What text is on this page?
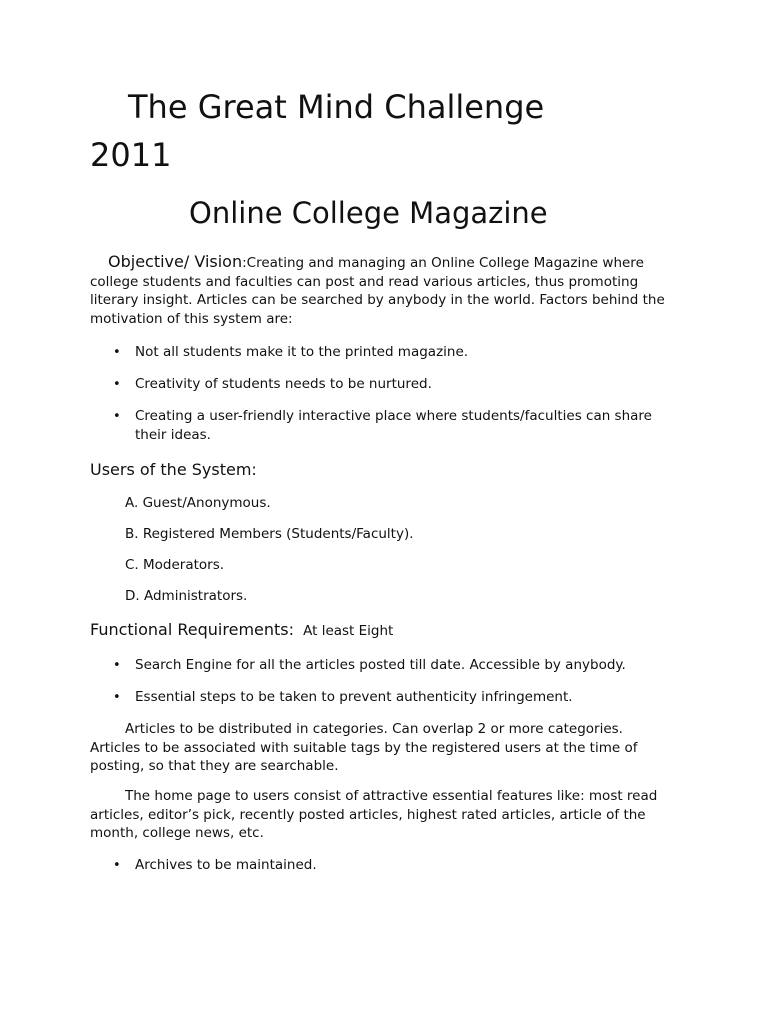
The Great Mind Challenge
2011
Online College Magazine

Objective/ Vision:Creating and managing an Online College Magazine where college students and faculties can post and read various articles, thus promoting literary insight. Articles can be searched by anybody in the world. Factors behind the motivation of this system are:

• Not all students make it to the printed magazine.
• Creativity of students needs to be nurtured.
• Creating a user-friendly interactive place where students/faculties can share their ideas.
Users of the System:
A. Guest/Anonymous.
B. Registered Members (Students/Faculty).
C. Moderators.
D. Administrators.
Functional Requirements: At least Eight
• Search Engine for all the articles posted till date. Accessible by anybody.
• Essential steps to be taken to prevent authenticity infringement.

Articles to be distributed in categories. Can overlap 2 or more categories. Articles to be associated with suitable tags by the registered users at the time of posting, so that they are searchable.

The home page to users consist of attractive essential features like: most read articles, editor’s pick, recently posted articles, highest rated articles, article of the month, college news, etc.

• Archives to be maintained.
